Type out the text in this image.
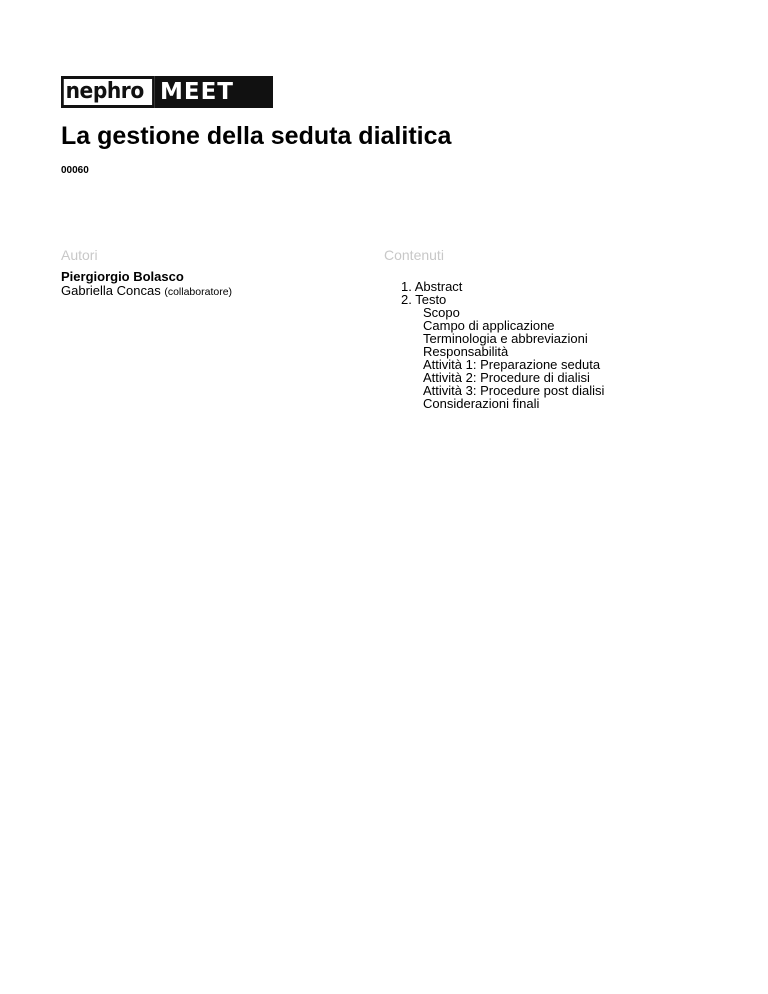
nephro MEET
La gestione della seduta dialitica
00060
Autori
Piergiorgio Bolasco
Gabriella Concas (collaboratore)
Contenuti
1. Abstract
2. Testo
Scopo
Campo di applicazione
Terminologia e abbreviazioni
Responsabilità
Attività 1: Preparazione seduta
Attività 2: Procedure di dialisi
Attività 3: Procedure post dialisi
Considerazioni finali
